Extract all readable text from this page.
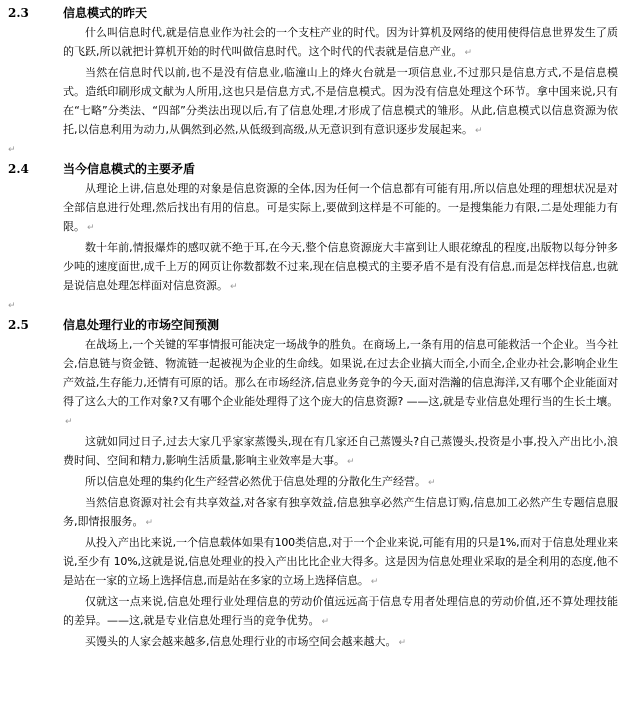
2.3	信息模式的昨天

什么叫信息时代,就是信息业作为社会的一个支柱产业的时代。因为计算机及网络的使用使得信息世界发生了质的飞跃,所以就把计算机开始的时代叫做信息时代。这个时代的代表就是信息产业。 ↵

当然在信息时代以前,也不是没有信息业,临潼山上的烽火台就是一项信息业,不过那只是信息方式,不是信息模式。造纸印刷形成文献为人所用,这也只是信息方式,不是信息模式。因为没有信息处理这个环节。拿中国来说,只有在“七略”分类法、“四部”分类法出现以后,有了信息处理,才形成了信息模式的雏形。从此,信息模式以信息资源为依托,以信息利用为动力,从偶然到必然,从低级到高级,从无意识到有意识逐步发展起来。 ↵

↵
2.4	当今信息模式的主要矛盾

从理论上讲,信息处理的对象是信息资源的全体,因为任何一个信息都有可能有用,所以信息处理的理想状况是对全部信息进行处理,然后找出有用的信息。可是实际上,要做到这样是不可能的。一是搜集能力有限,二是处理能力有限。 ↵

数十年前,情报爆炸的感叹就不绝于耳,在今天,整个信息资源庞大丰富到让人眼花缭乱的程度,出版物以每分钟多少吨的速度面世,成千上万的网页让你数都数不过来,现在信息模式的主要矛盾不是有没有信息,而是怎样找信息,也就是说信息处理怎样面对信息资源。 ↵

↵
2.5	信息处理行业的市场空间预测

在战场上,一个关键的军事情报可能决定一场战争的胜负。在商场上,一条有用的信息可能救活一个企业。当今社会,信息链与资金链、物流链一起被视为企业的生命线。如果说,在过去企业搞大而全,小而全,企业办社会,影响企业生产效益,生存能力,还情有可原的话。那么在市场经济,信息业务竞争的今天,面对浩瀚的信息海洋,又有哪个企业能面对得了这么大的工作对象?又有哪个企业能处理得了这个庞大的信息资源? ——这,就是专业信息处理行当的生长土壤。↵

这就如同过日子,过去大家几乎家家蒸馒头,现在有几家还自己蒸馒头?自己蒸馒头,投资是小事,投入产出比小,浪费时间、空间和精力,影响生活质量,影响主业效率是大事。 ↵

所以信息处理的集约化生产经营必然优于信息处理的分散化生产经营。 ↵

当然信息资源对社会有共享效益,对各家有独享效益,信息独享必然产生信息订购,信息加工必然产生专题信息服务,即情报服务。 ↵

从投入产出比来说,一个信息载体如果有100类信息,对于一个企业来说,可能有用的只是1%,而对于信息处理业来说,至少有 10%,这就是说,信息处理业的投入产出比比企业大得多。这是因为信息处理业采取的是全利用的态度,他不是站在一家的立场上选择信息,而是站在多家的立场上选择信息。 ↵

仅就这一点来说,信息处理行业处理信息的劳动价值远远高于信息专用者处理信息的劳动价值,还不算处理技能的差异。——这,就是专业信息处理行当的竞争优势。 ↵

买馒头的人家会越来越多,信息处理行业的市场空间会越来越大。 ↵
